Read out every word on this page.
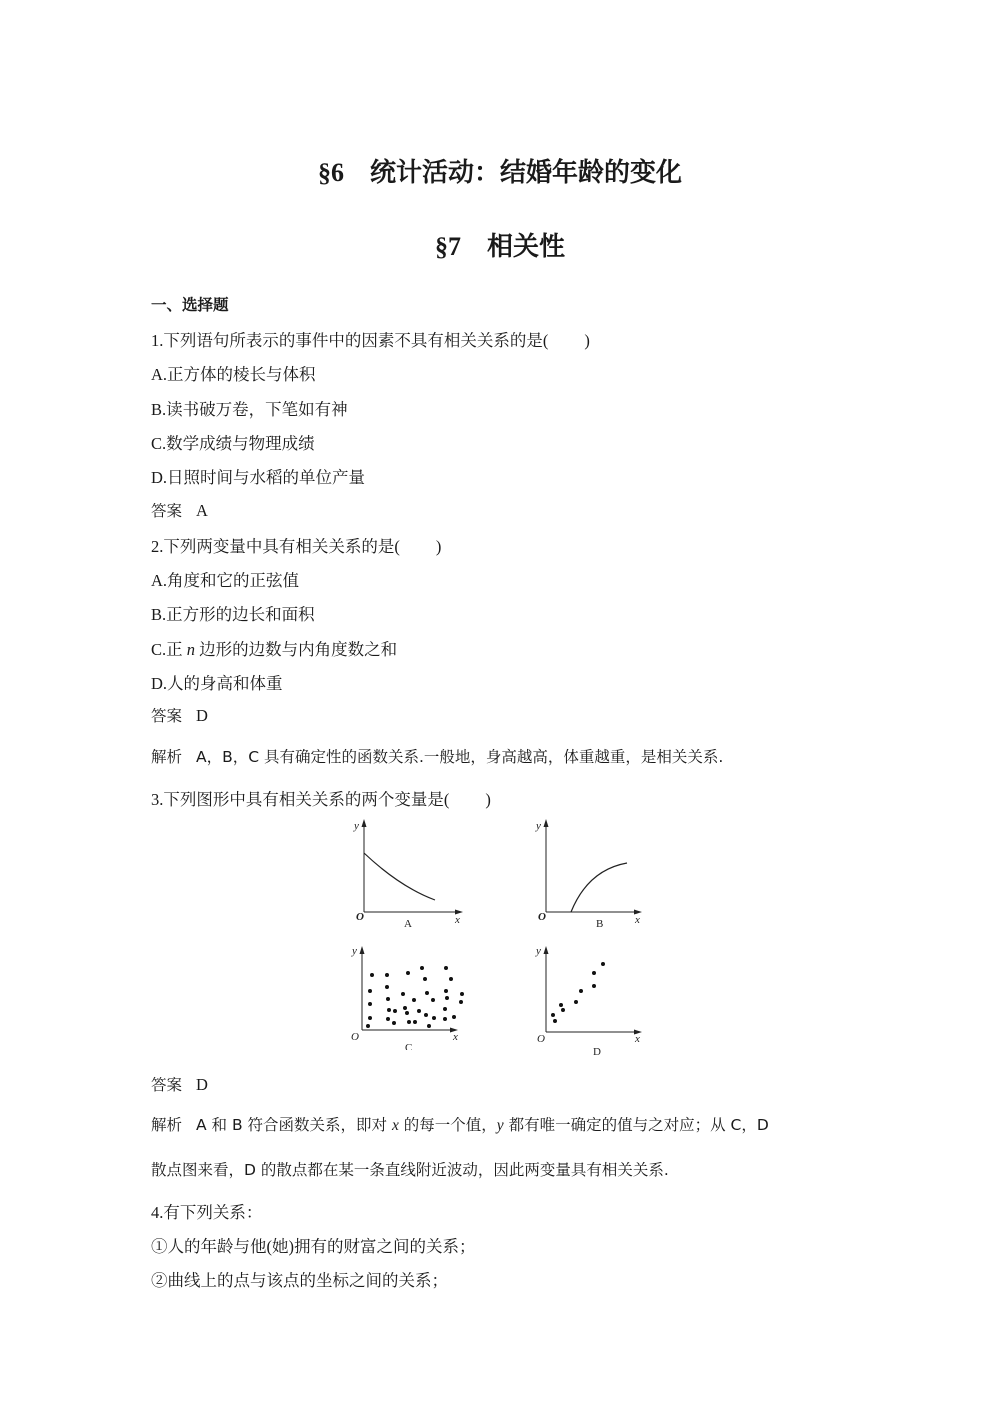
§6 统计活动：结婚年龄的变化
§7 相关性
一、选择题
1.下列语句所表示的事件中的因素不具有相关关系的是( )
A.正方体的棱长与体积
B.读书破万卷，下笔如有神
C.数学成绩与物理成绩
D.日照时间与水稻的单位产量
答案 A
2.下列两变量中具有相关关系的是( )
A.角度和它的正弦值
B.正方形的边长和面积
C.正 n 边形的边数与内角度数之和
D.人的身高和体重
答案 D
解析 A，B，C 具有确定性的函数关系.一般地，身高越高，体重越重，是相关关系.
3.下列图形中具有相关关系的两个变量是( )
y
O	x
A
y
O	x
B
y
O	x
C
y
O	x
D
答案 D
解析 A 和 B 符合函数关系，即对 x 的每一个值，y 都有唯一确定的值与之对应；从 C，D
散点图来看，D 的散点都在某一条直线附近波动，因此两变量具有相关关系.
4.有下列关系：
①人的年龄与他(她)拥有的财富之间的关系；
②曲线上的点与该点的坐标之间的关系；
